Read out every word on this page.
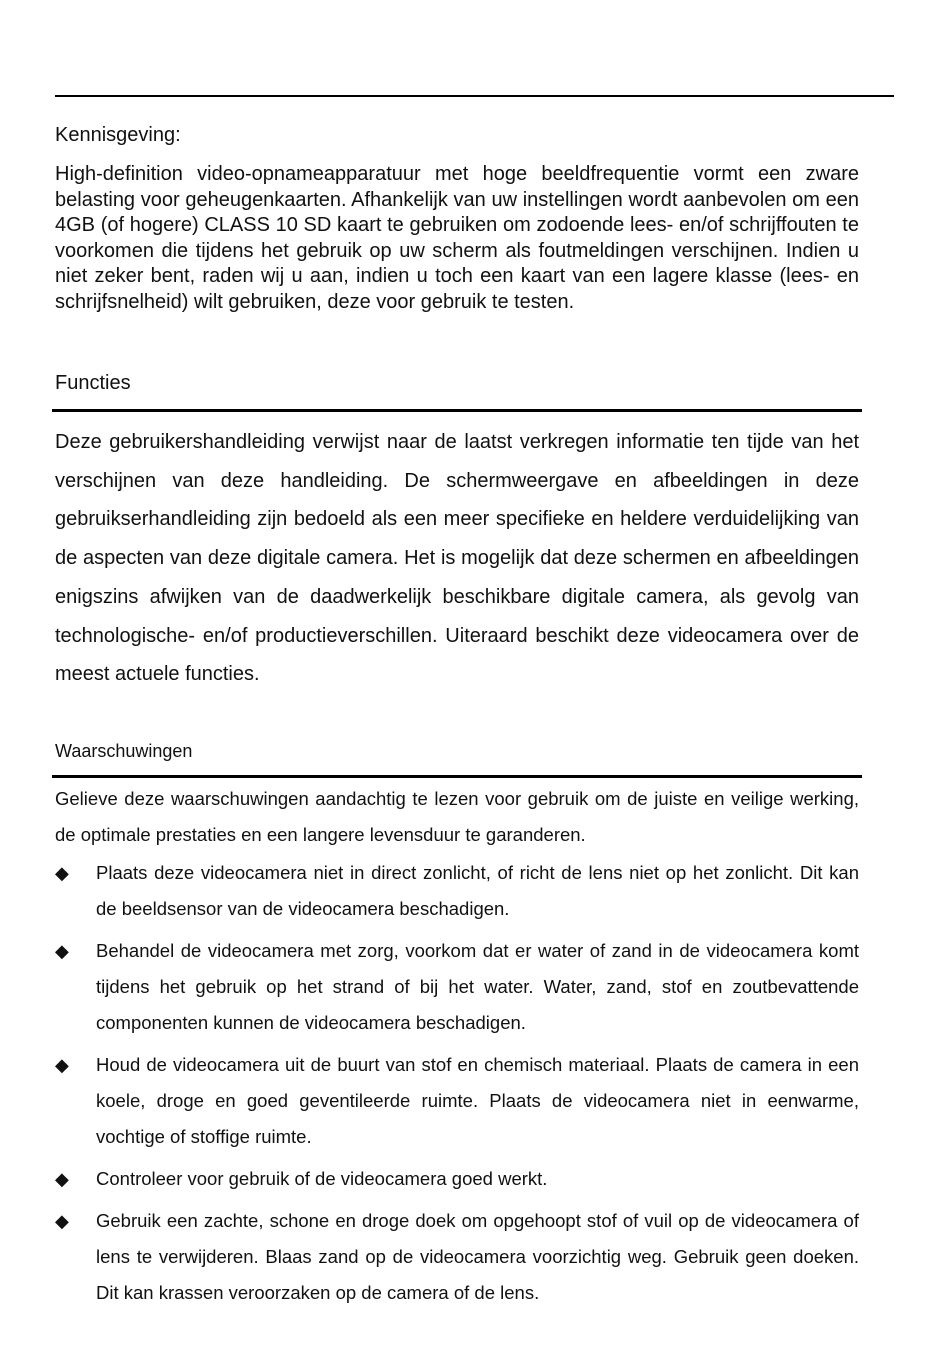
Kennisgeving:

High-definition video-opnameapparatuur met hoge beeldfrequentie vormt een zware belasting voor geheugenkaarten. Afhankelijk van uw instellingen wordt aanbevolen om een 4GB (of hogere) CLASS 10 SD kaart te gebruiken om zodoende lees- en/of schrijffouten te voorkomen die tijdens het gebruik op uw scherm als foutmeldingen verschijnen. Indien u niet zeker bent, raden wij u aan, indien u toch een kaart van een lagere klasse (lees- en schrijfsnelheid) wilt gebruiken, deze voor gebruik te testen.

Functies

Deze gebruikershandleiding verwijst naar de laatst verkregen informatie ten tijde van het verschijnen van deze handleiding. De schermweergave en afbeeldingen in deze gebruikserhandleiding zijn bedoeld als een meer specifieke en heldere verduidelijking van de aspecten van deze digitale camera. Het is mogelijk dat deze schermen en afbeeldingen enigszins afwijken van de daadwerkelijk beschikbare digitale camera, als gevolg van technologische- en/of productieverschillen. Uiteraard beschikt deze videocamera over de meest actuele functies.

Waarschuwingen

Gelieve deze waarschuwingen aandachtig te lezen voor gebruik om de juiste en veilige werking, de optimale prestaties en een langere levensduur te garanderen.

◆ Plaats deze videocamera niet in direct zonlicht, of richt de lens niet op het zonlicht. Dit kan de beeldsensor van de videocamera beschadigen.
◆ Behandel de videocamera met zorg, voorkom dat er water of zand in de videocamera komt tijdens het gebruik op het strand of bij het water. Water, zand, stof en zoutbevattende componenten kunnen de videocamera beschadigen.
◆ Houd de videocamera uit de buurt van stof en chemisch materiaal. Plaats de camera in een koele, droge en goed geventileerde ruimte. Plaats de videocamera niet in eenwarme, vochtige of stoffige ruimte.
◆ Controleer voor gebruik of de videocamera goed werkt.
◆ Gebruik een zachte, schone en droge doek om opgehoopt stof of vuil op de videocamera of lens te verwijderen. Blaas zand op de videocamera voorzichtig weg. Gebruik geen doeken. Dit kan krassen veroorzaken op de camera of de lens.
